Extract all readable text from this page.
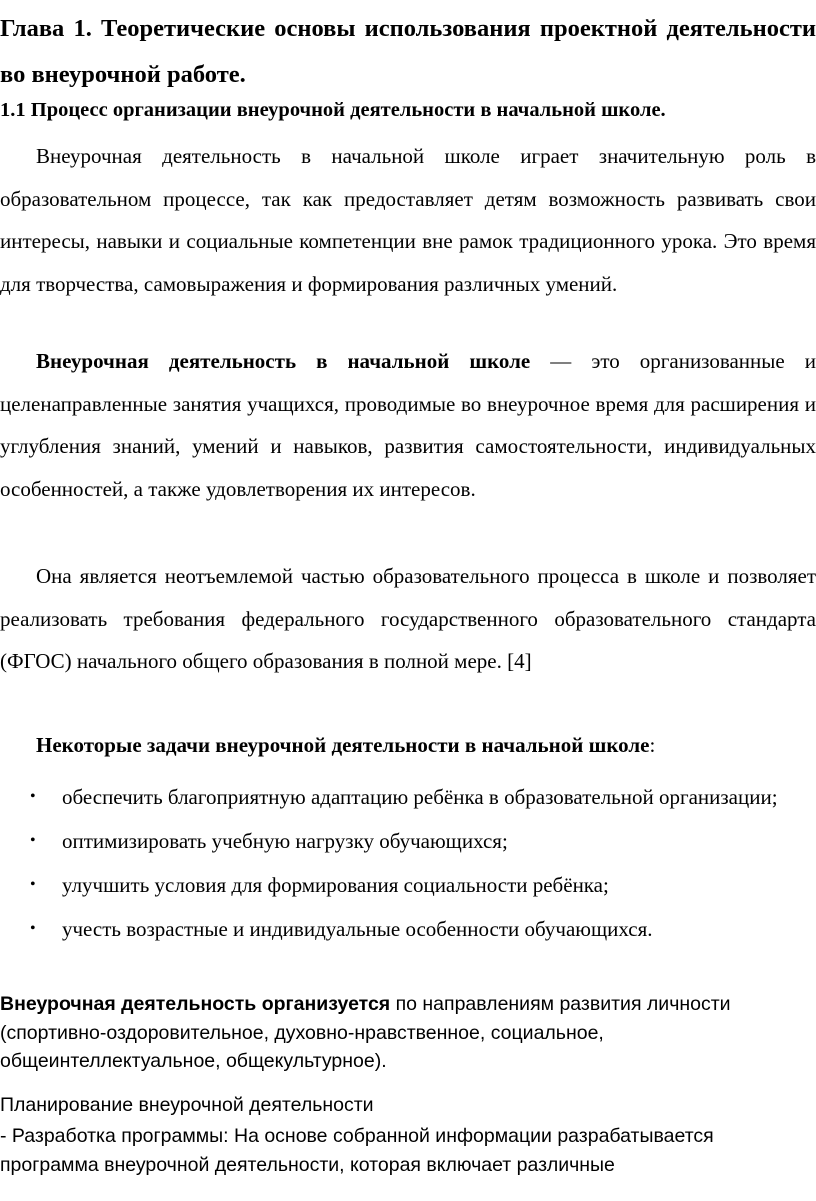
Глава 1. Теоретические основы использования проектной деятельности во внеурочной работе.
1.1 Процесс организации внеурочной деятельности в начальной школе.

Внеурочная деятельность в начальной школе играет значительную роль в образовательном процессе, так как предоставляет детям возможность развивать свои интересы, навыки и социальные компетенции вне рамок традиционного урока. Это время для творчества, самовыражения и формирования различных умений.

Внеурочная деятельность в начальной школе — это организованные и целенаправленные занятия учащихся, проводимые во внеурочное время для расширения и углубления знаний, умений и навыков, развития самостоятельности, индивидуальных особенностей, а также удовлетворения их интересов.

Она является неотъемлемой частью образовательного процесса в школе и позволяет реализовать требования федерального государственного образовательного стандарта (ФГОС) начального общего образования в полной мере. [4]

Некоторые задачи внеурочной деятельности в начальной школе:

• обеспечить благоприятную адаптацию ребёнка в образовательной организации;
• оптимизировать учебную нагрузку обучающихся;
• улучшить условия для формирования социальности ребёнка;
• учесть возрастные и индивидуальные особенности обучающихся.

Внеурочная деятельность организуется по направлениям развития личности (спортивно-оздоровительное, духовно-нравственное, социальное, общеинтеллектуальное, общекультурное).

Планирование внеурочной деятельности

- Разработка программы: На основе собранной информации разрабатывается программа внеурочной деятельности, которая включает различные
